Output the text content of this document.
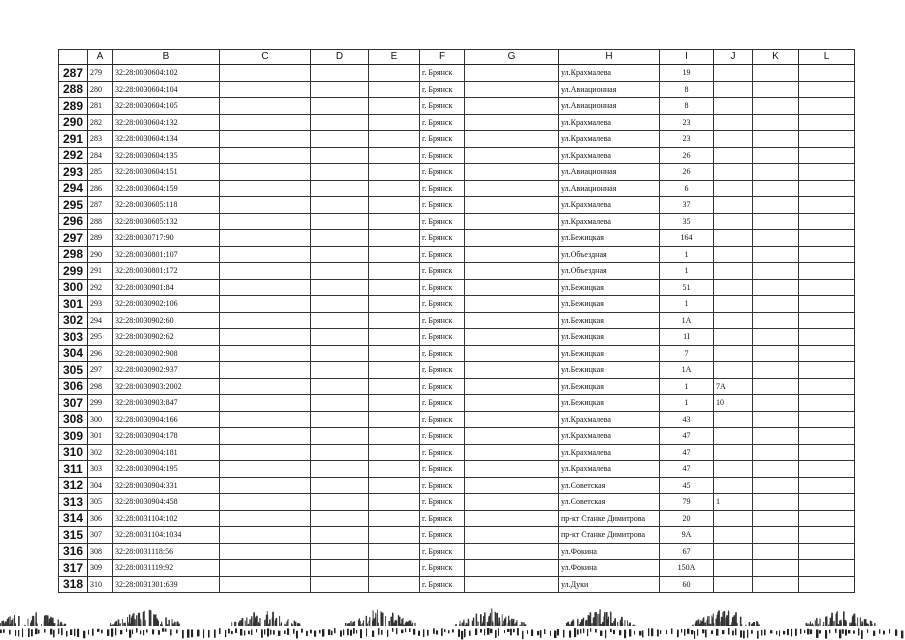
	A	B	C	D	E	F	G	H	I	J	K	L
287	279	32:28:0030604:102				г. Брянск		ул.Крахмалева	19			
288	280	32:28:0030604:104				г. Брянск		ул.Авиационная	8			
289	281	32:28:0030604:105				г. Брянск		ул.Авиационная	8			
290	282	32:28:0030604:132				г. Брянск		ул.Крахмалева	23			
291	283	32:28:0030604:134				г. Брянск		ул.Крахмалева	23			
292	284	32:28:0030604:135				г. Брянск		ул.Крахмалева	26			
293	285	32:28:0030604:151				г. Брянск		ул.Авиационная	26			
294	286	32:28:0030604:159				г. Брянск		ул.Авиационная	6			
295	287	32:28:0030605:118				г. Брянск		ул.Крахмалева	37			
296	288	32:28:0030605:132				г. Брянск		ул.Крахмалева	35			
297	289	32:28:0030717:90				г. Брянск		ул.Бежицкая	164			
298	290	32:28:0030801:107				г. Брянск		ул.Объездная	1			
299	291	32:28:0030801:172				г. Брянск		ул.Объездная	1			
300	292	32:28:0030901:84				г. Брянск		ул.Бежицкая	51			
301	293	32:28:0030902:106				г. Брянск		ул.Бежицкая	1			
302	294	32:28:0030902:60				г. Брянск		ул.Бежицкая	1А			
303	295	32:28:0030902:62				г. Брянск		ул.Бежицкая	1І			
304	296	32:28:0030902:908				г. Брянск		ул.Бежицкая	7			
305	297	32:28:0030902:937				г. Брянск		ул.Бежицкая	1А			
306	298	32:28:0030903:2002				г. Брянск		ул.Бежицкая	1	7А		
307	299	32:28:0030903:847				г. Брянск		ул.Бежицкая	1	10		
308	300	32:28:0030904:166				г. Брянск		ул.Крахмалева	43			
309	301	32:28:0030904:178				г. Брянск		ул.Крахмалева	47			
310	302	32:28:0030904:181				г. Брянск		ул.Крахмалева	47			
311	303	32:28:0030904:195				г. Брянск		ул.Крахмалева	47			
312	304	32:28:0030904:331				г. Брянск		ул.Советская	45			
313	305	32:28:0030904:458				г. Брянск		ул.Советская	79	1		
314	306	32:28:0031104:102				г. Брянск		пр-кт Станке Димитрова	20			
315	307	32:28:0031104:1034				г. Брянск		пр-кт Станке Димитрова	9А			
316	308	32:28:0031118:56				г. Брянск		ул.Фокина	67			
317	309	32:28:0031119:92				г. Брянск		ул.Фокина	150А			
318	310	32:28:0031301:639				г. Брянск		ул.Дуки	60			
